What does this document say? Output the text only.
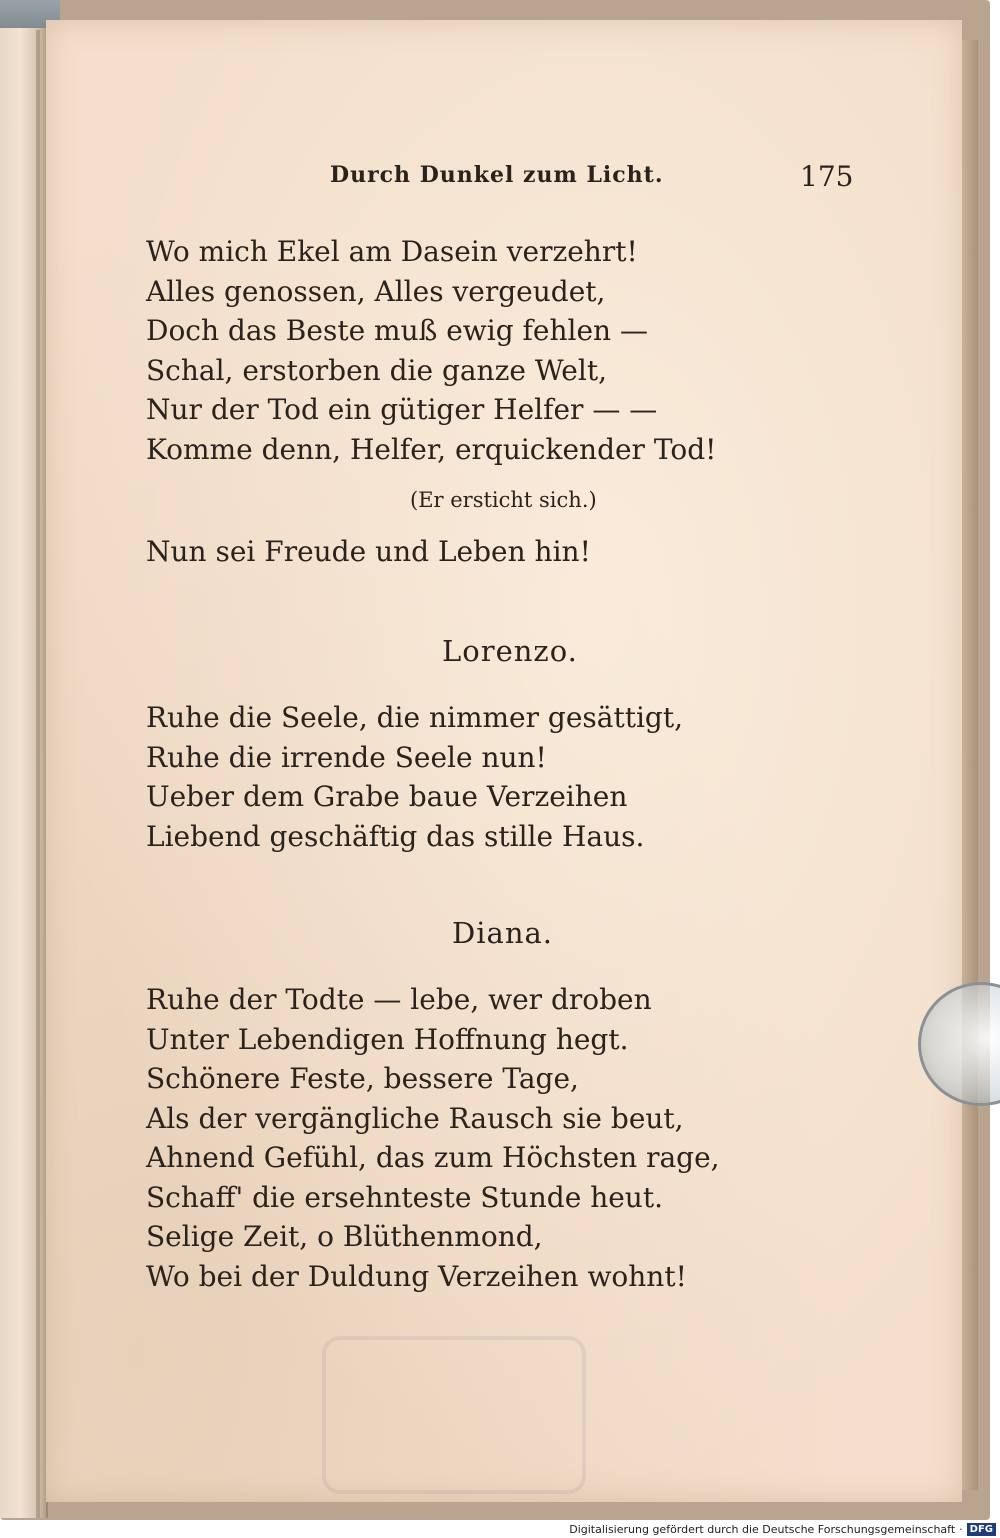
Durch Dunkel zum Licht.	175
Wo mich Ekel am Dasein verzehrt!
Alles genossen, Alles vergeudet,
Doch das Beste muß ewig fehlen —
Schal, erstorben die ganze Welt,
Nur der Tod ein gütiger Helfer — —
Komme denn, Helfer, erquickender Tod!
(Er ersticht sich.)
Nun sei Freude und Leben hin!
Lorenzo.
Ruhe die Seele, die nimmer gesättigt,
Ruhe die irrende Seele nun!
Ueber dem Grabe baue Verzeihen
Liebend geschäftig das stille Haus.
Diana.
Ruhe der Todte — lebe, wer droben
Unter Lebendigen Hoffnung hegt.
Schönere Feste, bessere Tage,
Als der vergängliche Rausch sie beut,
Ahnend Gefühl, das zum Höchsten rage,
Schaff' die ersehnteste Stunde heut.
Selige Zeit, o Blüthenmond,
Wo bei der Duldung Verzeihen wohnt!
Digitalisierung gefördert durch die Deutsche Forschungsgemeinschaft · DFG
